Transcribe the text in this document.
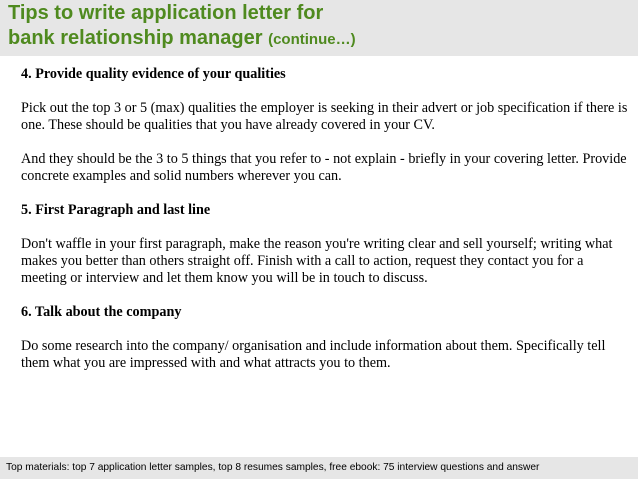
Tips to write application letter for
bank relationship manager (continue…)
4. Provide quality evidence of your qualities
Pick out the top 3 or 5 (max) qualities the employer is seeking in their advert or job specification if there is one. These should be qualities that you have already covered in your CV.
And they should be the 3 to 5 things that you refer to - not explain - briefly in your covering letter. Provide concrete examples and solid numbers wherever you can.
5. First Paragraph and last line
Don't waffle in your first paragraph, make the reason you're writing clear and sell yourself; writing what makes you better than others straight off. Finish with a call to action, request they contact you for a meeting or interview and let them know you will be in touch to discuss.
6. Talk about the company
Do some research into the company/ organisation and include information about them. Specifically tell them what you are impressed with and what attracts you to them.
Top materials: top 7 application letter samples, top 8 resumes samples, free ebook: 75 interview questions and answer
